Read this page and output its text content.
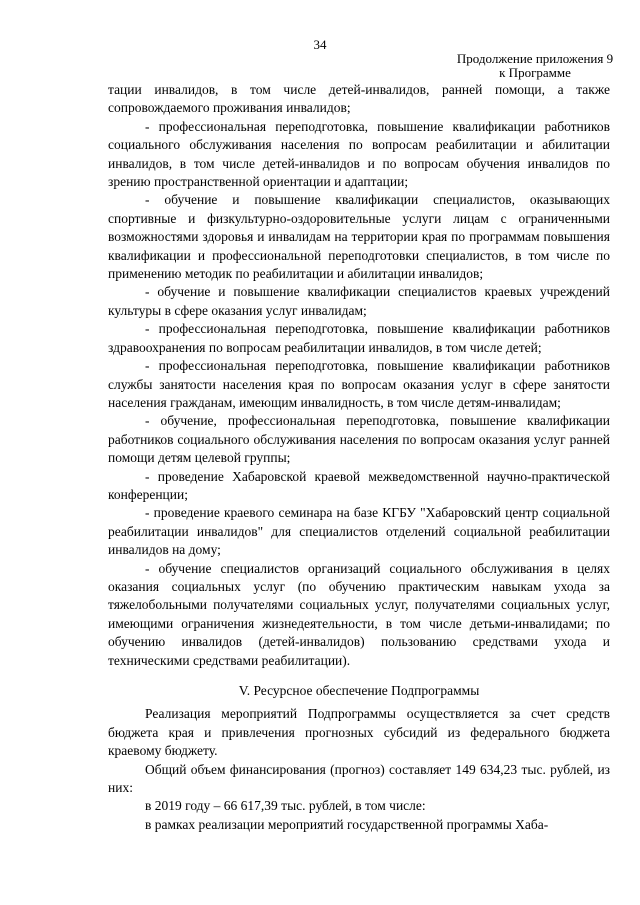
34
Продолжение приложения 9
к Программе

тации инвалидов, в том числе детей-инвалидов, ранней помощи, а также сопровождаемого проживания инвалидов;

- профессиональная переподготовка, повышение квалификации работников социального обслуживания населения по вопросам реабилитации и абилитации инвалидов, в том числе детей-инвалидов и по вопросам обучения инвалидов по зрению пространственной ориентации и адаптации;

- обучение и повышение квалификации специалистов, оказывающих спортивные и физкультурно-оздоровительные услуги лицам с ограниченными возможностями здоровья и инвалидам на территории края по программам повышения квалификации и профессиональной переподготовки специалистов, в том числе по применению методик по реабилитации и абилитации инвалидов;

- обучение и повышение квалификации специалистов краевых учреждений культуры в сфере оказания услуг инвалидам;

- профессиональная переподготовка, повышение квалификации работников здравоохранения по вопросам реабилитации инвалидов, в том числе детей;

- профессиональная переподготовка, повышение квалификации работников службы занятости населения края по вопросам оказания услуг в сфере занятости населения гражданам, имеющим инвалидность, в том числе детям-инвалидам;

- обучение, профессиональная переподготовка, повышение квалификации работников социального обслуживания населения по вопросам оказания услуг ранней помощи детям целевой группы;

- проведение Хабаровской краевой межведомственной научно-практической конференции;

- проведение краевого семинара на базе КГБУ "Хабаровский центр социальной реабилитации инвалидов" для специалистов отделений социальной реабилитации инвалидов на дому;

- обучение специалистов организаций социального обслуживания в целях оказания социальных услуг (по обучению практическим навыкам ухода за тяжелобольными получателями социальных услуг, получателями социальных услуг, имеющими ограничения жизнедеятельности, в том числе детьми-инвалидами; по обучению инвалидов (детей-инвалидов) пользованию средствами ухода и техническими средствами реабилитации).

V. Ресурсное обеспечение Подпрограммы

Реализация мероприятий Подпрограммы осуществляется за счет средств бюджета края и привлечения прогнозных субсидий из федерального бюджета краевому бюджету.

Общий объем финансирования (прогноз) составляет 149 634,23 тыс. рублей, из них:

в 2019 году – 66 617,39 тыс. рублей, в том числе:

в рамках реализации мероприятий государственной программы Хаба-
